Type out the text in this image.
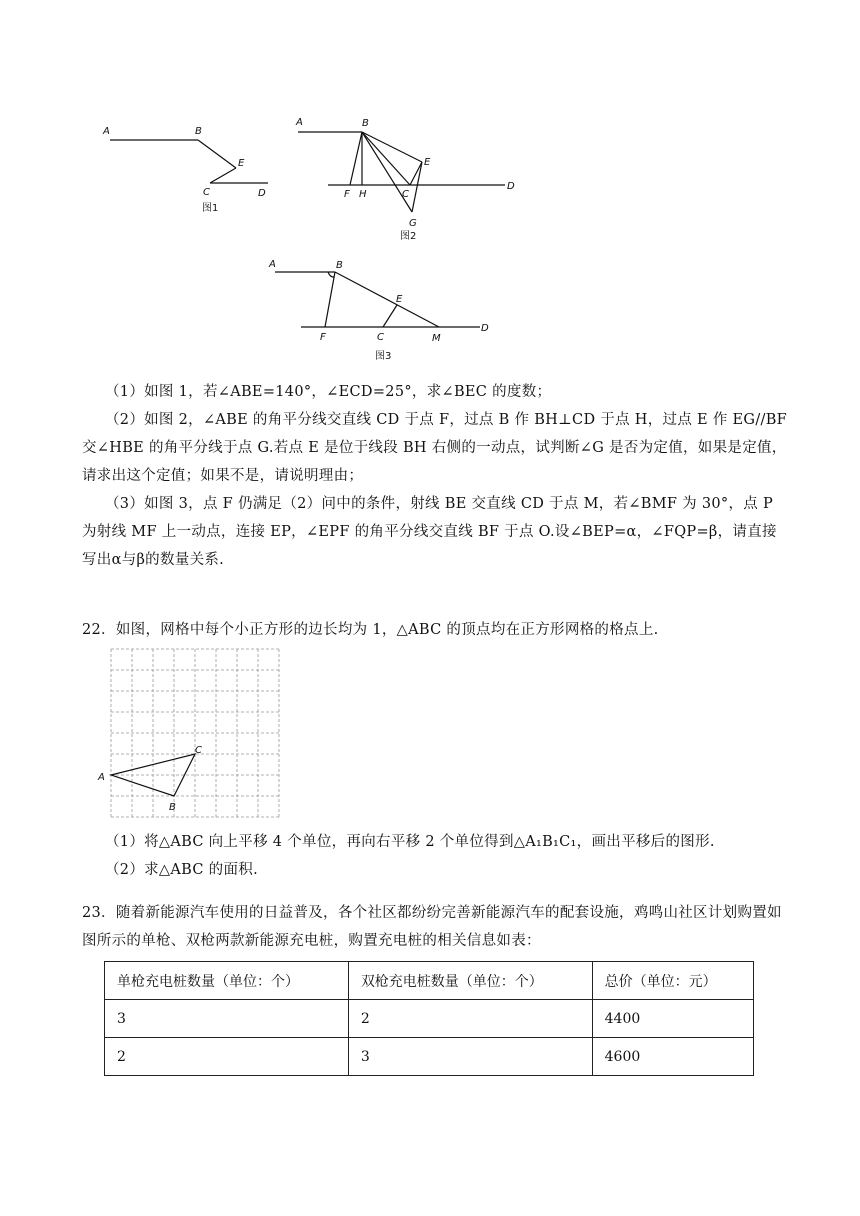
A	B
E
C	D
图1
A	B
E
F H	C
D
G
图2
A	B
E
F	C	M
D
图3

（1）如图 1，若∠ABE=140°，∠ECD=25°，求∠BEC 的度数；

（2）如图 2，∠ABE 的角平分线交直线 CD 于点 F，过点 B 作 BH⊥CD 于点 H，过点 E 作 EG//BF 交∠HBE 的角平分线于点 G.若点 E 是位于线段 BH 右侧的一动点，试判断∠G 是否为定值，如果是定值，请求出这个定值；如果不是，请说明理由；

（3）如图 3，点 F 仍满足（2）问中的条件，射线 BE 交直线 CD 于点 M，若∠BMF 为 30°，点 P 为射线 MF 上一动点，连接 EP，∠EPF 的角平分线交直线 BF 于点 O.设∠BEP=α，∠FQP=β，请直接写出α与β的数量关系.

22．如图，网格中每个小正方形的边长均为 1，△ABC 的顶点均在正方形网格的格点上.

A
B
C

（1）将△ABC 向上平移 4 个单位，再向右平移 2 个单位得到△A₁B₁C₁，画出平移后的图形.

（2）求△ABC 的面积.

23．随着新能源汽车使用的日益普及，各个社区都纷纷完善新能源汽车的配套设施，鸡鸣山社区计划购置如图所示的单枪、双枪两款新能源充电桩，购置充电桩的相关信息如表：

单枪充电桩数量（单位：个）	双枪充电桩数量（单位：个）	总价（单位：元）
3	2	4400
2	3	4600
